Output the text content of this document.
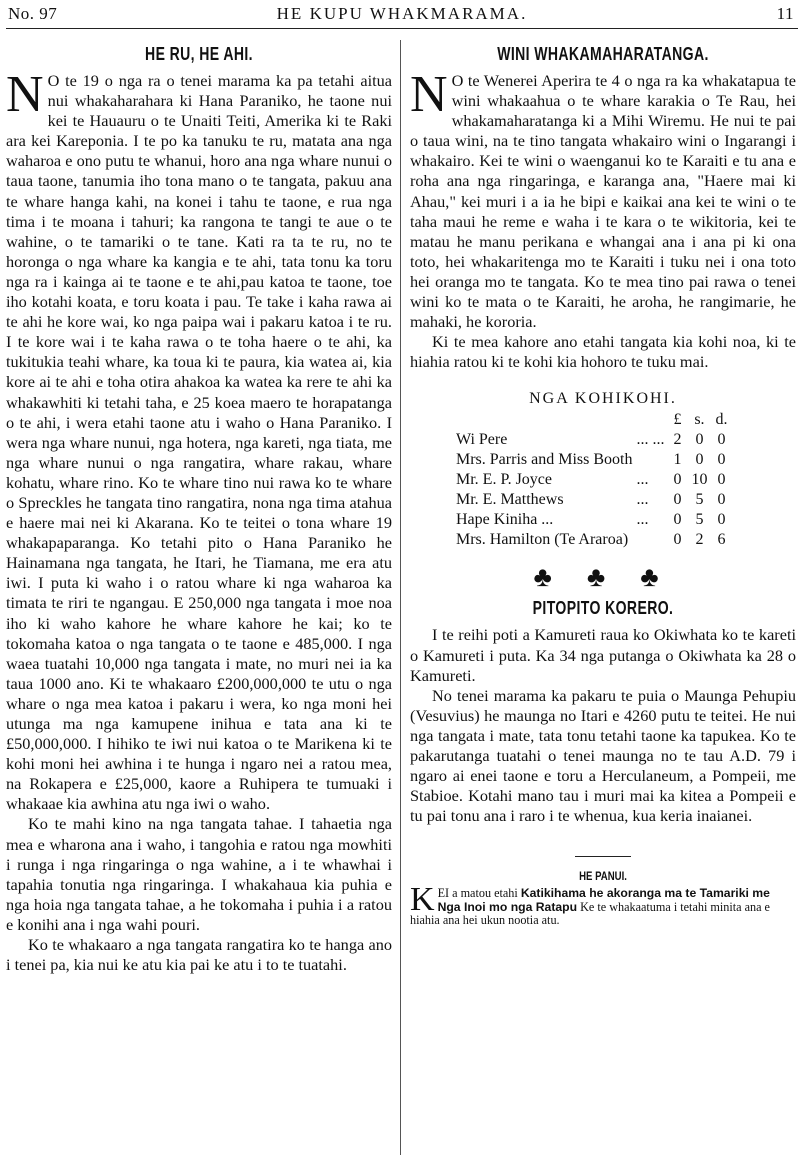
No. 97	HE KUPU WHAKMARAMA.	11
HE RU, HE AHI.

N O te 19 o nga ra o tenei marama ka pa tetahi aitua nui whakaharahara ki Hana Paraniko, he taone nui kei te Hauauru o te Unaiti Teiti, Amerika ki te Raki ara kei Kareponia. I te po ka tanuku te ru, matata ana nga waharoa e ono putu te whanui, horo ana nga whare nunui o taua taone, tanumia iho tona mano o te tangata, pakuu ana te whare hanga kahi, na konei i tahu te taone, e rua nga tima i te moana i tahuri; ka rangona te tangi te aue o te wahine, o te tamariki o te tane. Kati ra ta te ru, no te horonga o nga whare ka kangia e te ahi, tata tonu ka toru nga ra i kainga ai te taone e te ahi,pau katoa te taone, toe iho kotahi koata, e toru koata i pau. Te take i kaha rawa ai te ahi he kore wai, ko nga paipa wai i pakaru katoa i te ru. I te kore wai i te kaha rawa o te toha haere o te ahi, ka tukitukia teahi whare, ka toua ki te paura, kia watea ai, kia kore ai te ahi e toha otira ahakoa ka watea ka rere te ahi ka whakawhiti ki tetahi taha, e 25 koea maero te horapatanga o te ahi, i wera etahi taone atu i waho o Hana Paraniko. I wera nga whare nunui, nga hotera, nga kareti, nga tiata, me nga whare nunui o nga rangatira, whare rakau, whare kohatu, whare rino. Ko te whare tino nui rawa ko te whare o Spreckles he tangata tino rangatira, nona nga tima atahua e haere mai nei ki Akarana. Ko te teitei o tona whare 19 whakapaparanga. Ko tetahi pito o Hana Paraniko he Hainamana nga tangata, he Itari, he Tiamana, me era atu iwi. I puta ki waho i o ratou whare ki nga waharoa ka timata te riri te ngangau. E 250,000 nga tangata i moe noa iho ki waho kahore he whare kahore he kai; ko te tokomaha katoa o nga tangata o te taone e 485,000. I nga waea tuatahi 10,000 nga tangata i mate, no muri nei ia ka taua 1000 ano. Ki te whakaaro £200,000,000 te utu o nga whare o nga mea katoa i pakaru i wera, ko nga moni hei utunga ma nga kamupene inihua e tata ana ki te £50,000,000. I hihiko te iwi nui katoa o te Marikena ki te kohi moni hei awhina i te hunga i ngaro nei a ratou mea, na Rokapera e £25,000, kaore a Ruhipera te tumuaki i whakaae kia awhina atu nga iwi o waho.

Ko te mahi kino na nga tangata tahae. I tahaetia nga mea e wharona ana i waho, i tangohia e ratou nga mowhiti i runga i nga ringaringa o nga wahine, a i te whawhai i tapahia tonutia nga ringaringa. I whakahaua kia puhia e nga hoia nga tangata tahae, a he tokomaha i puhia i a ratou e konihi ana i nga wahi pouri.

Ko te whakaaro a nga tangata rangatira ko te hanga ano i tenei pa, kia nui ke atu kia pai ke atu i to te tuatahi.

WINI WHAKAMAHARATANGA.

N O te Wenerei Aperira te 4 o nga ra ka whakatapua te wini whakaahua o te whare karakia o Te Rau, hei whakamaharatanga ki a Mihi Wiremu. He nui te pai o taua wini, na te tino tangata whakairo wini o Ingarangi i whakairo. Kei te wini o waenganui ko te Karaiti e tu ana e roha ana nga ringaringa, e karanga ana, "Haere mai ki Ahau," kei muri i a ia he bipi e kaikai ana kei te wini o te taha maui he reme e waha i te kara o te wikitoria, kei te matau he manu perikana e whangai ana i ana pi ki ona toto, hei whakaritenga mo te Karaiti i tuku nei i ona toto hei oranga mo te tangata. Ko te mea tino pai rawa o tenei wini ko te mata o te Karaiti, he aroha, he rangimarie, he mahaki, he kororia.

Ki te mea kahore ano etahi tangata kia kohi noa, ki te hiahia ratou ki te kohi kia hohoro te tuku mai.

NGA KOHIKOHI.
		£	s.	d.
Wi Pere	... ...	2	0	0
Mrs. Parris and Miss Booth		1	0	0
Mr. E. P. Joyce	...	0	10	0
Mr. E. Matthews	...	0	5	0
Hape Kiniha ...	...	0	5	0
Mrs. Hamilton (Te Araroa)		0	2	6
♣ ♣ ♣
PITOPITO KORERO.

I te reihi poti a Kamureti raua ko Okiwhata ko te kareti o Kamureti i puta. Ka 34 nga putanga o Okiwhata ka 28 o Kamureti.

No tenei marama ka pakaru te puia o Maunga Pehupiu (Vesuvius) he maunga no Itari e 4260 putu te teitei. He nui nga tangata i mate, tata tonu tetahi taone ka tapukea. Ko te pakarutanga tuatahi o tenei maunga no te tau A.D. 79 i ngaro ai enei taone e toru a Herculaneum, a Pompeii, me Stabioe. Kotahi mano tau i muri mai ka kitea a Pompeii e tu pai tonu ana i raro i te whenua, kua keria inaianei.

HE PANUI.

KEI a matou etahi Katikihama he akoranga ma te Tamariki me Nga Inoi mo nga Ratapu Ke te whakaatuma i tetahi minita ana e hiahia ana hei ukun nootia atu.
